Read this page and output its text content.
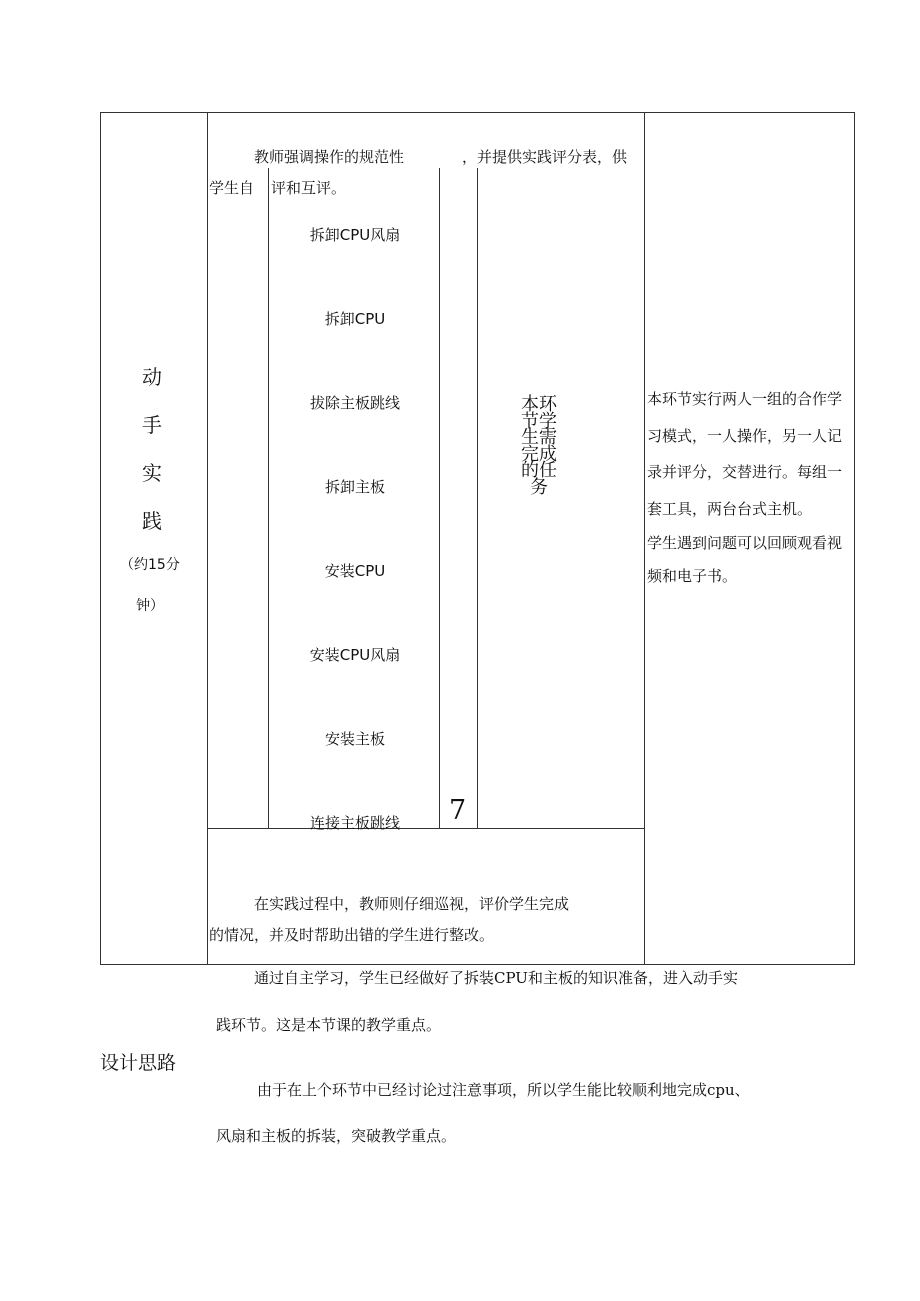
动
手
实
践
（约15分
钟）
教师强调操作的规范性	，并提供实践评分表，供
学生自 评和互评。
拆卸CPU风扇
拆卸CPU
拔除主板跳线
拆卸主板
安装CPU
安装CPU风扇
安装主板
连接主板跳线	7
本环节学生需完成的任务
本环节实行两人一组的合作学习模式，一人操作，另一人记录并评分，交替进行。每组一套工具，两台台式主机。
学生遇到问题可以回顾观看视频和电子书。
在实践过程中，教师则仔细巡视，评价学生完成
的情况，并及时帮助出错的学生进行整改。
通过自主学习，学生已经做好了拆装CPU和主板的知识准备，进入动手实
践环节。这是本节课的教学重点。
设计思路
由于在上个环节中已经讨论过注意事项，所以学生能比较顺利地完成cpu、
风扇和主板的拆装，突破教学重点。
